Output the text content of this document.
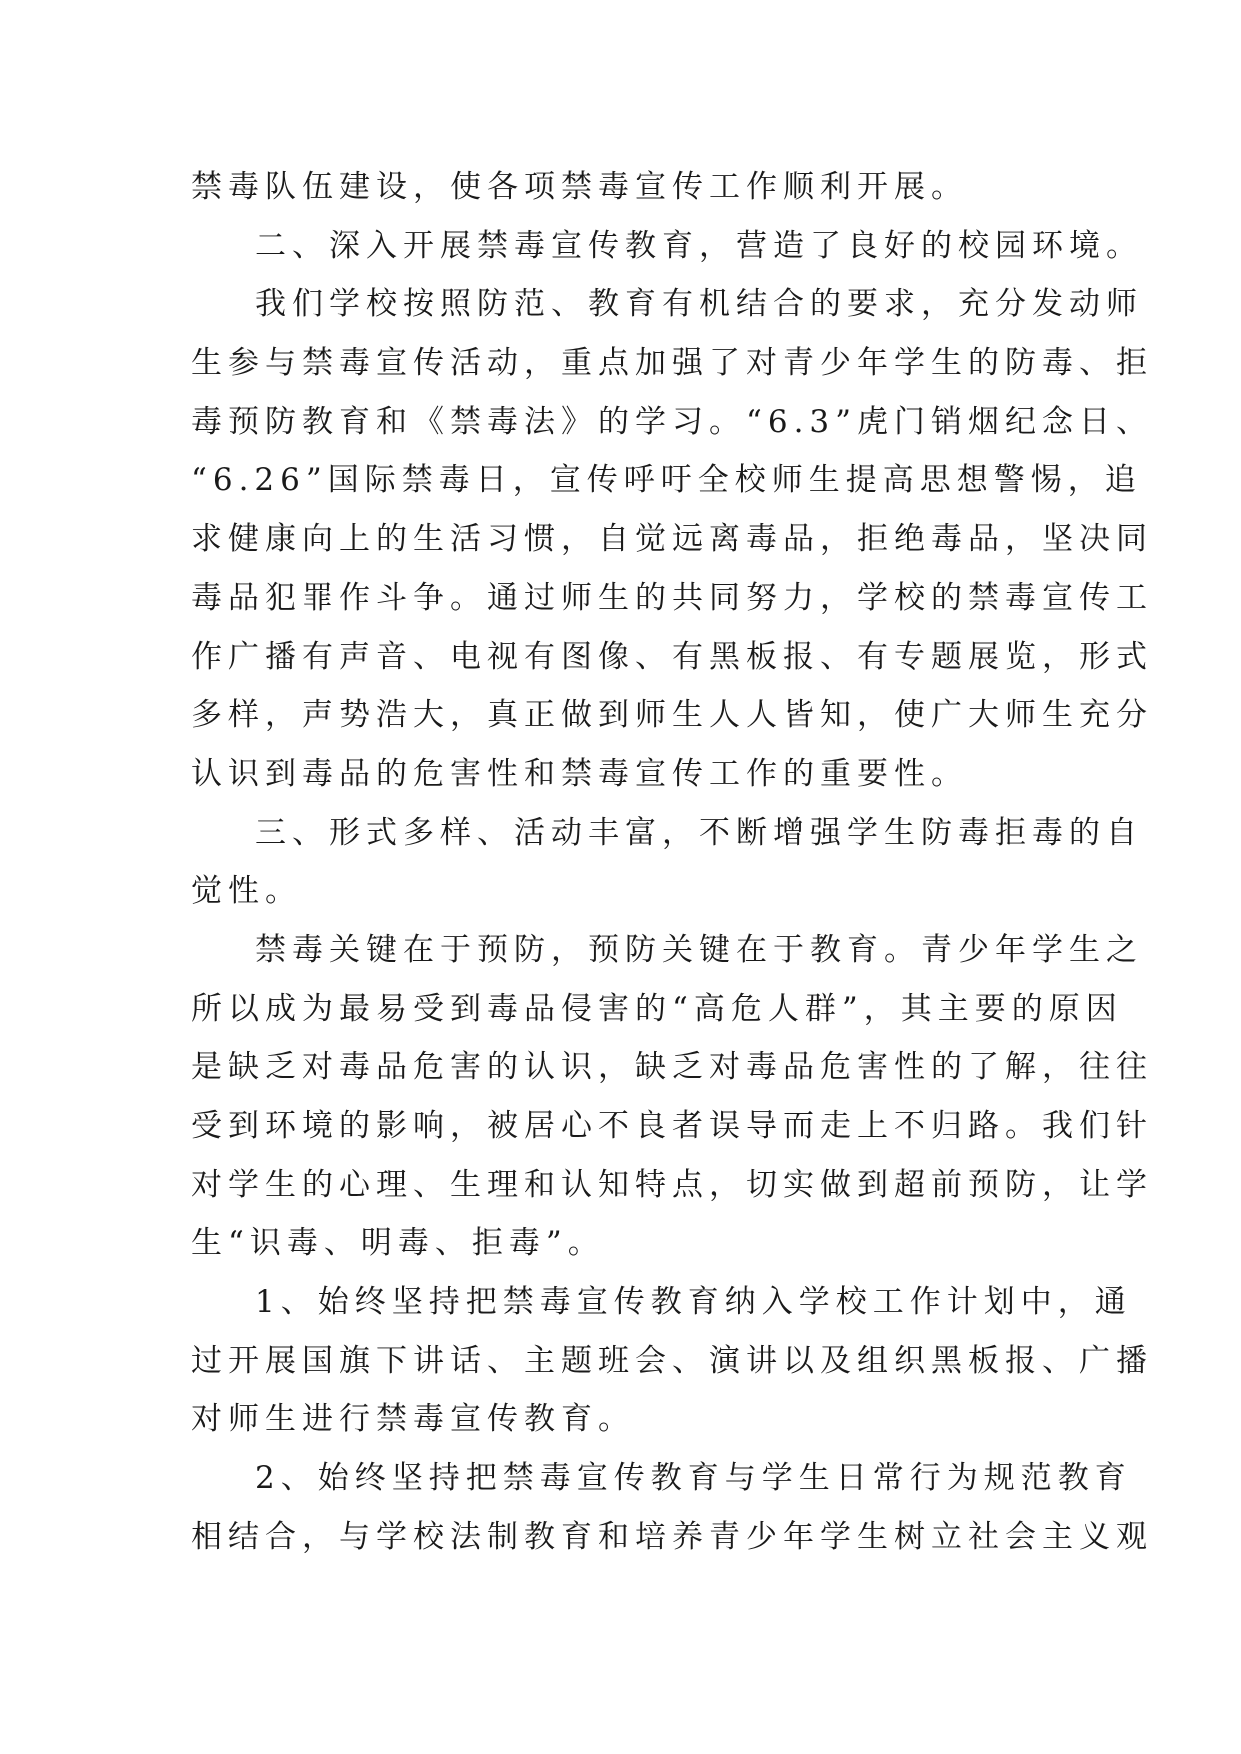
禁毒队伍建设，使各项禁毒宣传工作顺利开展。
二、深入开展禁毒宣传教育，营造了良好的校园环境。
我们学校按照防范、教育有机结合的要求，充分发动师
生参与禁毒宣传活动，重点加强了对青少年学生的防毒、拒
毒预防教育和《禁毒法》的学习。“6.3”虎门销烟纪念日、
“6.26”国际禁毒日，宣传呼吁全校师生提高思想警惕，追
求健康向上的生活习惯，自觉远离毒品，拒绝毒品，坚决同
毒品犯罪作斗争。通过师生的共同努力，学校的禁毒宣传工
作广播有声音、电视有图像、有黑板报、有专题展览，形式
多样，声势浩大，真正做到师生人人皆知，使广大师生充分
认识到毒品的危害性和禁毒宣传工作的重要性。
三、形式多样、活动丰富，不断增强学生防毒拒毒的自
觉性。
禁毒关键在于预防，预防关键在于教育。青少年学生之
所以成为最易受到毒品侵害的“高危人群”，其主要的原因
是缺乏对毒品危害的认识，缺乏对毒品危害性的了解，往往
受到环境的影响，被居心不良者误导而走上不归路。我们针
对学生的心理、生理和认知特点，切实做到超前预防，让学
生“识毒、明毒、拒毒”。
1、始终坚持把禁毒宣传教育纳入学校工作计划中，通
过开展国旗下讲话、主题班会、演讲以及组织黑板报、广播
对师生进行禁毒宣传教育。
2、始终坚持把禁毒宣传教育与学生日常行为规范教育
相结合，与学校法制教育和培养青少年学生树立社会主义观
